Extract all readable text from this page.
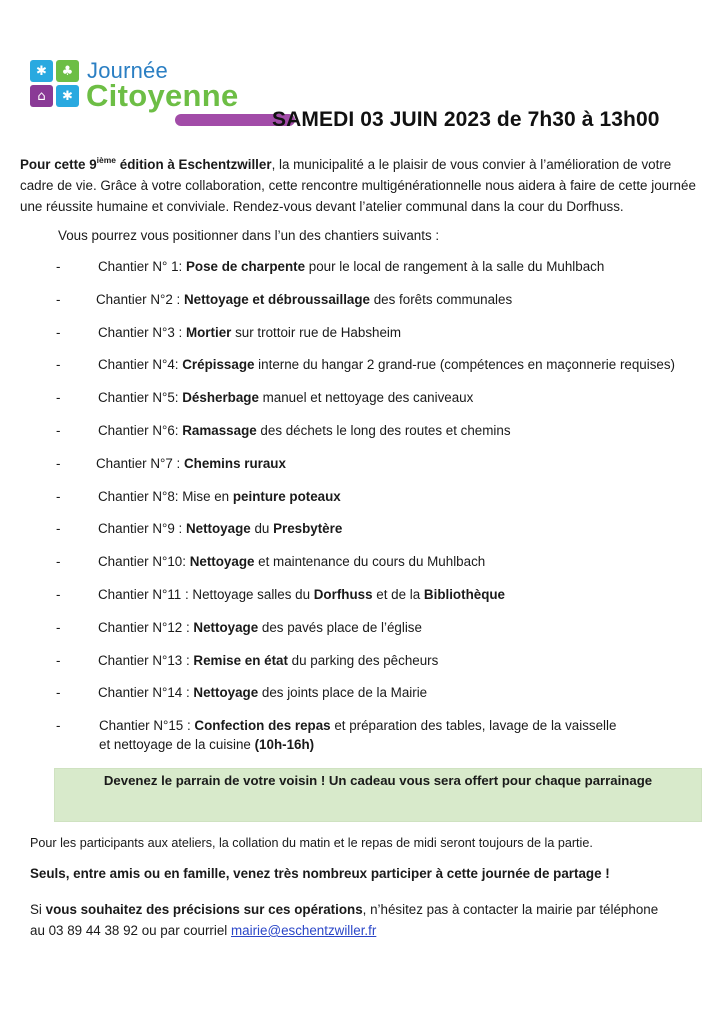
✱	♣
⌂	✱
Journée
Citoyenne
SAMEDI 03 JUIN 2023 de 7h30 à 13h00
Pour cette 9ième édition à Eschentzwiller, la municipalité a le plaisir de vous convier à l’amélioration de votre cadre de vie. Grâce à votre collaboration, cette rencontre multigénérationnelle nous aidera à faire de cette journée une réussite humaine et conviviale. Rendez-vous devant l’atelier communal dans la cour du Dorfhuss.
Vous pourrez vous positionner dans l’un des chantiers suivants :
-	Chantier N° 1: Pose de charpente pour le local de rangement à la salle du Muhlbach
-	Chantier N°2 : Nettoyage et débroussaillage des forêts communales
-	Chantier N°3 : Mortier sur trottoir rue de Habsheim
-	Chantier N°4: Crépissage interne du hangar 2 grand-rue (compétences en maçonnerie requises)
-	Chantier N°5: Désherbage manuel et nettoyage des caniveaux
-	Chantier N°6: Ramassage des déchets le long des routes et chemins
-	Chantier N°7 : Chemins ruraux
-	Chantier N°8: Mise en peinture poteaux
-	Chantier N°9 : Nettoyage du Presbytère
-	Chantier N°10: Nettoyage et maintenance du cours du Muhlbach
-	Chantier N°11 : Nettoyage salles du Dorfhuss et de la Bibliothèque
-	Chantier N°12 : Nettoyage des pavés place de l’église
-	Chantier N°13 : Remise en état du parking des pêcheurs
-	Chantier N°14 : Nettoyage des joints place de la Mairie
-	Chantier N°15 : Confection des repas et préparation des tables, lavage de la vaisselle
et nettoyage de la cuisine (10h-16h)
Devenez le parrain de votre voisin ! Un cadeau vous sera offert pour chaque parrainage
Pour les participants aux ateliers, la collation du matin et le repas de midi seront toujours de la partie.
Seuls, entre amis ou en famille, venez très nombreux participer à cette journée de partage !
Si vous souhaitez des précisions sur ces opérations, n’hésitez pas à contacter la mairie par téléphone au 03 89 44 38 92 ou par courriel mairie@eschentzwiller.fr
